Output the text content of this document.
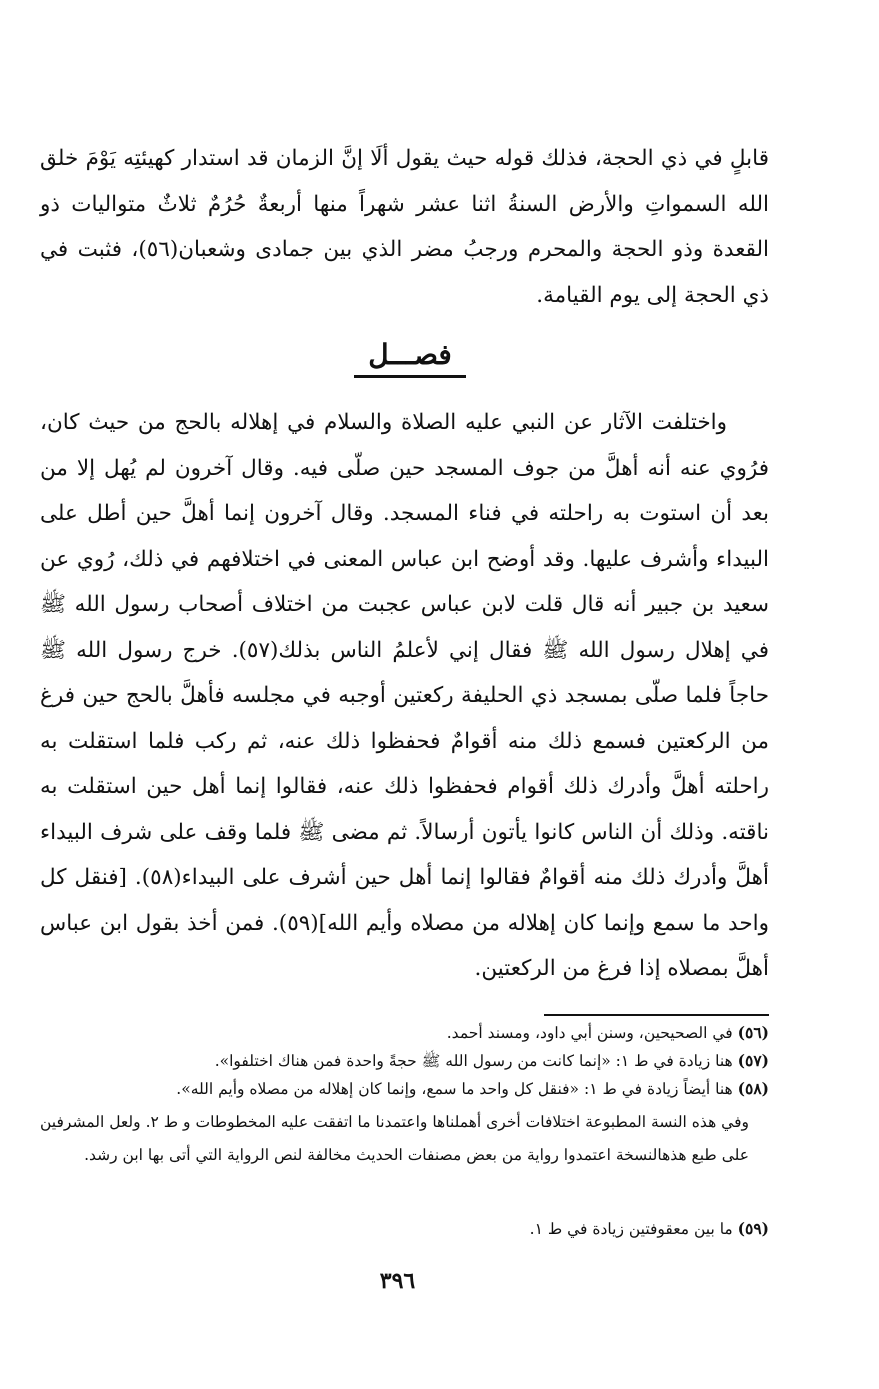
قابلٍ في ذي الحجة، فذلك قوله حيث يقول ألَا إنَّ الزمان قد استدار كهيئتِه يَوْمَ خلق الله السمواتِ والأرض السنةُ اثنا عشر شهراً منها أربعةٌ حُرُمٌ ثلاثٌ متواليات ذو القعدة وذو الحجة والمحرم ورجبُ مضر الذي بين جمادى وشعبان(٥٦)، فثبت في ذي الحجة إلى يوم القيامة.
فصـــل
واختلفت الآثار عن النبي عليه الصلاة والسلام في إهلاله بالحج من حيث كان، فرُوي عنه أنه أهلَّ من جوف المسجد حين صلّى فيه. وقال آخرون لم يُهل إلا من بعد أن استوت به راحلته في فناء المسجد. وقال آخرون إنما أهلَّ حين أطل على البيداء وأشرف عليها. وقد أوضح ابن عباس المعنى في اختلافهم في ذلك، رُوي عن سعيد بن جبير أنه قال قلت لابن عباس عجبت من اختلاف أصحاب رسول الله ﷺ في إهلال رسول الله ﷺ فقال إني لأعلمُ الناس بذلك(٥٧). خرج رسول الله ﷺ حاجاً فلما صلّى بمسجد ذي الحليفة ركعتين أوجبه في مجلسه فأهلَّ بالحج حين فرغ من الركعتين فسمع ذلك منه أقوامٌ فحفظوا ذلك عنه، ثم ركب فلما استقلت به راحلته أهلَّ وأدرك ذلك أقوام فحفظوا ذلك عنه، فقالوا إنما أهل حين استقلت به ناقته. وذلك أن الناس كانوا يأتون أرسالاً. ثم مضى ﷺ فلما وقف على شرف البيداء أهلَّ وأدرك ذلك منه أقوامٌ فقالوا إنما أهل حين أشرف على البيداء(٥٨). [فنقل كل واحد ما سمع وإنما كان إهلاله من مصلاه وأيم الله](٥٩). فمن أخذ بقول ابن عباس أهلَّ بمصلاه إذا فرغ من الركعتين.
(٥٦) في الصحيحين، وسنن أبي داود، ومسند أحمد.
(٥٧) هنا زيادة في ط ١: «إنما كانت من رسول الله ﷺ حجةً واحدة فمن هناك اختلفوا».
(٥٨) هنا أيضاً زيادة في ط ١: «فنقل كل واحد ما سمع، وإنما كان إهلاله من مصلاه وأيم الله».
وفي هذه النسة المطبوعة اختلافات أخرى أهملناها واعتمدنا ما اتفقت عليه المخطوطات و ط ٢. ولعل المشرفين على طبع هذهالنسخة اعتمدوا رواية من بعض مصنفات الحديث مخالفة لنص الرواية التي أتى بها ابن رشد.
(٥٩) ما بين معقوفتين زيادة في ط ١.
٣٩٦
